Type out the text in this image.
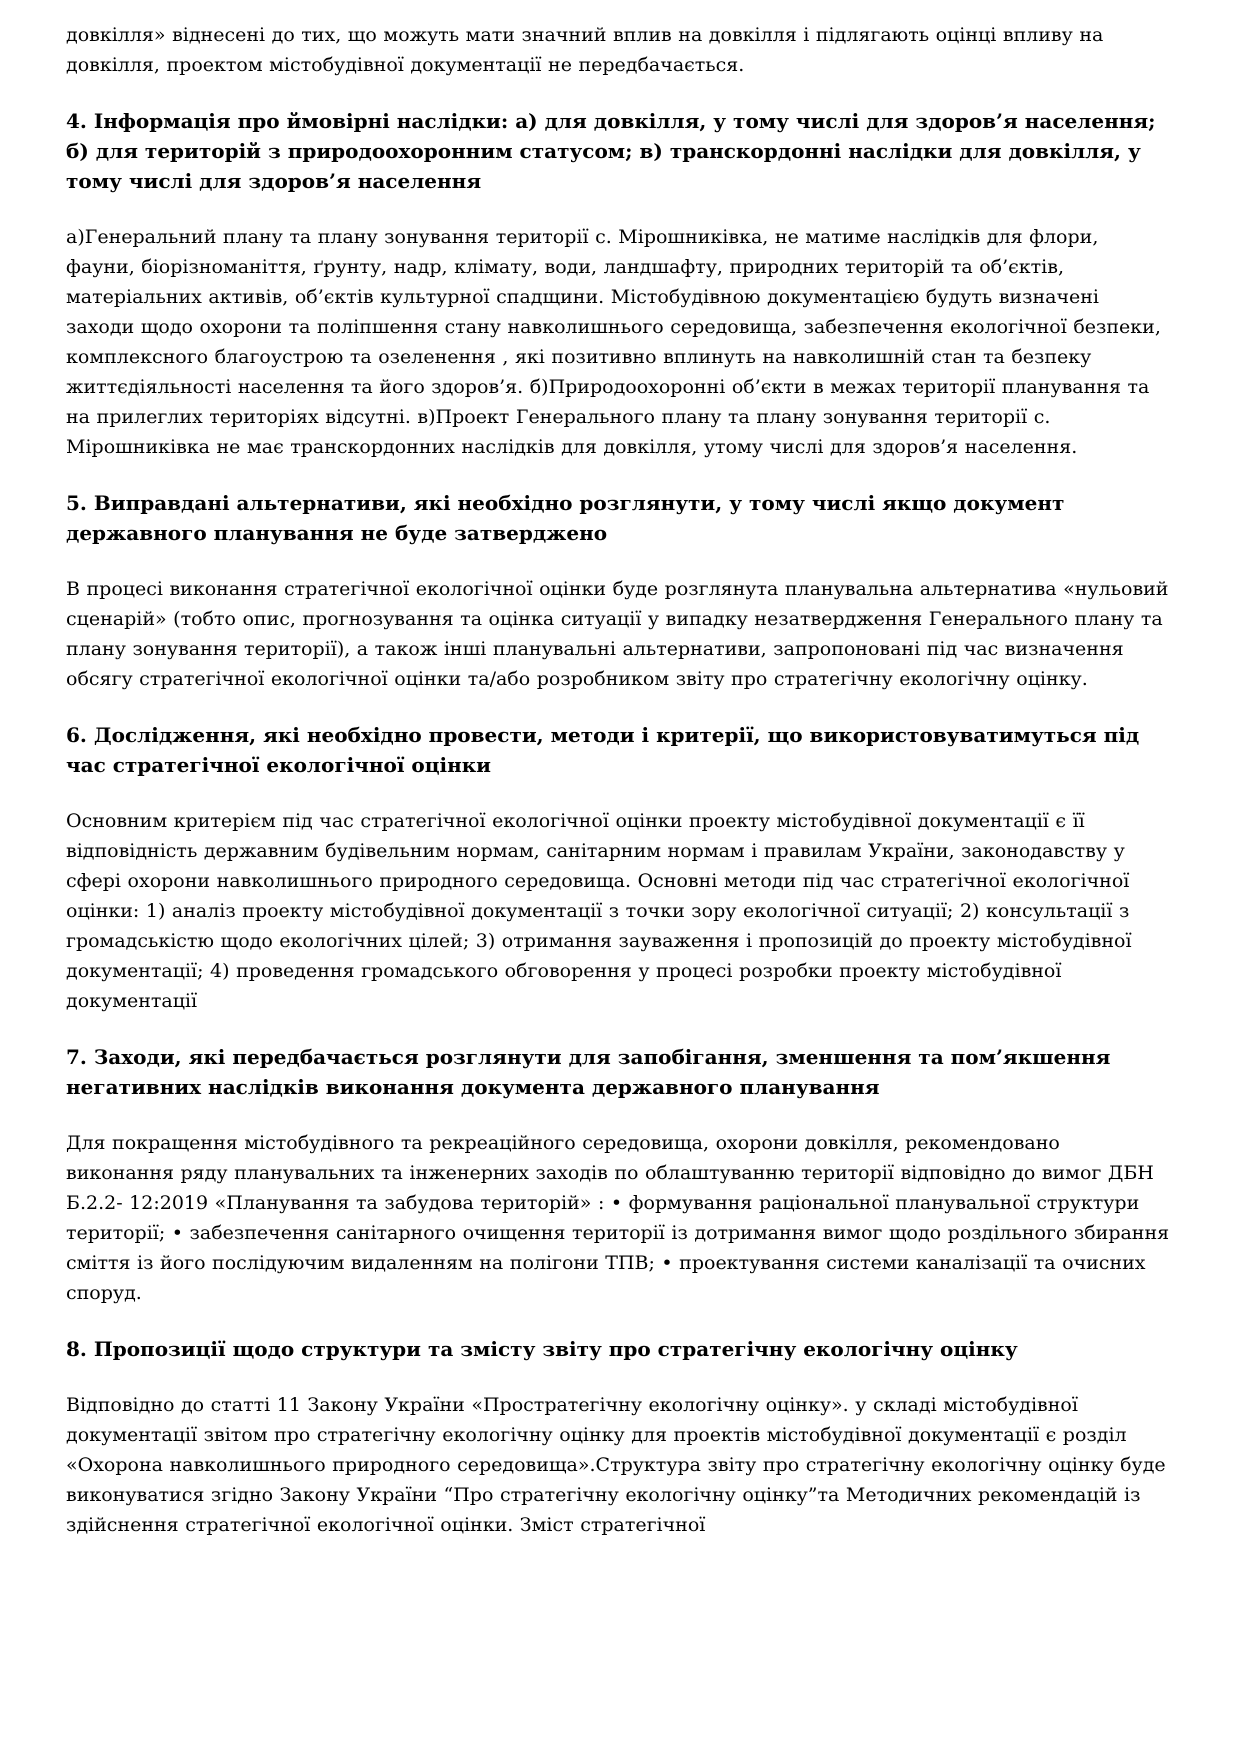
довкілля» віднесені до тих, що можуть мати значний вплив на довкілля і підлягають оцінці впливу на довкілля, проектом містобудівної документації не передбачається.

4. Інформація про ймовірні наслідки: а) для довкілля, у тому числі для здоров’я населення; б) для територій з природоохоронним статусом; в) транскордонні наслідки для довкілля, у тому числі для здоров’я населення

а)Генеральний плану та плану зонування території с. Мірошниківка, не матиме наслідків для флори, фауни, біорізноманіття, ґрунту, надр, клімату, води, ландшафту, природних територій та об’єктів, матеріальних активів, об’єктів культурної спадщини. Містобудівною документацією будуть визначені заходи щодо охорони та поліпшення стану навколишнього середовища, забезпечення екологічної безпеки, комплексного благоустрою та озеленення , які позитивно вплинуть на навколишній стан та безпеку життєдіяльності населення та його здоров’я. б)Природоохоронні об’єкти в межах території планування та на прилеглих територіях відсутні. в)Проект Генерального плану та плану зонування території с. Мірошниківка не має транскордонних наслідків для довкілля, утому числі для здоров’я населення.

5. Виправдані альтернативи, які необхідно розглянути, у тому числі якщо документ державного планування не буде затверджено

В процесі виконання стратегічної екологічної оцінки буде розглянута планувальна альтернатива «нульовий сценарій» (тобто опис, прогнозування та оцінка ситуації у випадку незатвердження Генерального плану та плану зонування території), а також інші планувальні альтернативи, запропоновані під час визначення обсягу стратегічної екологічної оцінки та/або розробником звіту про стратегічну екологічну оцінку.

6. Дослідження, які необхідно провести, методи і критерії, що використовуватимуться під час стратегічної екологічної оцінки

Основним критерієм під час стратегічної екологічної оцінки проекту містобудівної документації є її відповідність державним будівельним нормам, санітарним нормам і правилам України, законодавству у сфері охорони навколишнього природного середовища. Основні методи під час стратегічної екологічної оцінки: 1) аналіз проекту містобудівної документації з точки зору екологічної ситуації; 2) консультації з громадськістю щодо екологічних цілей; 3) отримання зауваження і пропозицій до проекту містобудівної документації; 4) проведення громадського обговорення у процесі розробки проекту містобудівної документації

7. Заходи, які передбачається розглянути для запобігання, зменшення та пом’якшення негативних наслідків виконання документа державного планування

Для покращення містобудівного та рекреаційного середовища, охорони довкілля, рекомендовано виконання ряду планувальних та інженерних заходів по облаштуванню території відповідно до вимог ДБН Б.2.2- 12:2019 «Планування та забудова територій» : • формування раціональної планувальної структури території; • забезпечення санітарного очищення території із дотримання вимог щодо роздільного збирання сміття із його послідуючим видаленням на полігони ТПВ; • проектування системи каналізації та очисних споруд.

8. Пропозиції щодо структури та змісту звіту про стратегічну екологічну оцінку

Відповідно до статті 11 Закону України «Простратегічну екологічну оцінку». у складі містобудівної документації звітом про стратегічну екологічну оцінку для проектів містобудівної документації є розділ «Охорона навколишнього природного середовища».Структура звіту про стратегічну екологічну оцінку буде виконуватися згідно Закону України “Про стратегічну екологічну оцінку”та Методичних рекомендацій із здійснення стратегічної екологічної оцінки. Зміст стратегічної
